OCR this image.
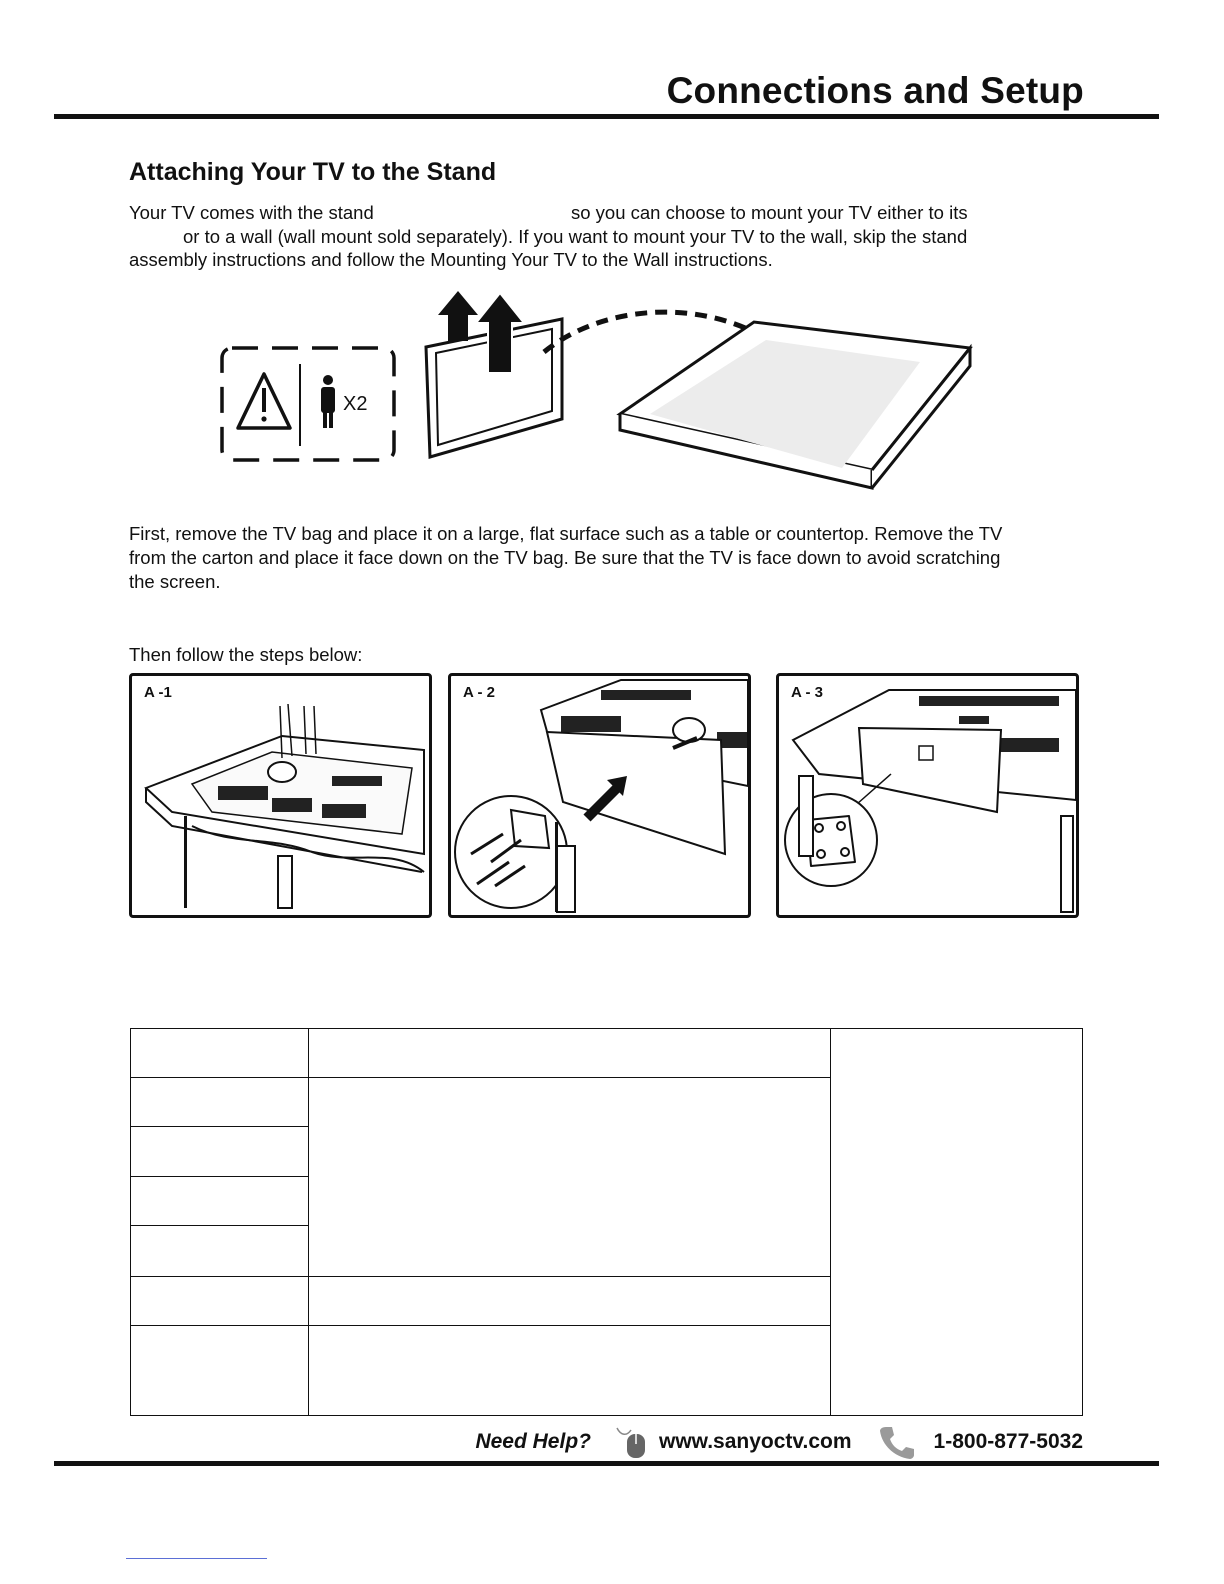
Connections and Setup
Attaching Your TV to the Stand
Your TV comes with the stand	so you can choose to mount your TV either to its
or to a wall (wall mount sold separately). If you want to mount your TV to the wall, skip the stand
assembly instructions and follow the Mounting Your TV to the Wall instructions.
X2
First, remove the TV bag and place it on a large, flat surface such as a table or countertop. Remove the TV
from the carton and place it face down on the TV bag. Be sure that the TV is face down to avoid scratching
the screen.
Then follow the steps below:
A -1	A - 2	A - 3
Need Help?	www.sanyoctv.com	1-800-877-5032
